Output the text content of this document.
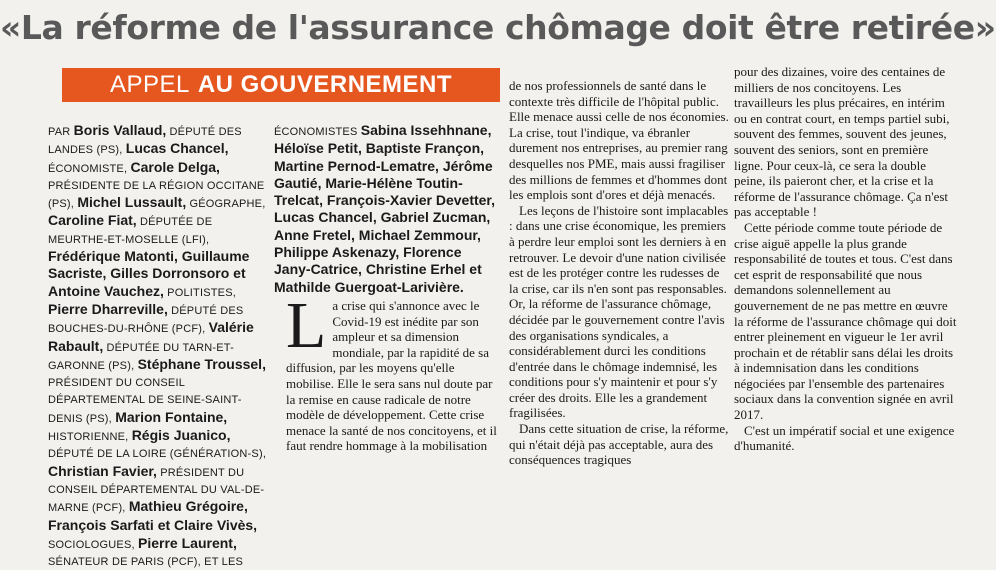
«La réforme de l'assurance chômage doit être retirée»
APPEL AU GOUVERNEMENT
PAR Boris Vallaud, DÉPUTÉ DES LANDES (PS), Lucas Chancel, ÉCONOMISTE, Carole Delga, PRÉSIDENTE DE LA RÉGION OCCITANE (PS), Michel Lussault, GÉOGRAPHE, Caroline Fiat, DÉPUTÉE DE MEURTHE-ET-MOSELLE (LFI), Frédérique Matonti, Guillaume Sacriste, Gilles Dorronsoro et Antoine Vauchez, POLITISTES, Pierre Dharreville, DÉPUTÉ DES BOUCHES-DU-RHÔNE (PCF), Valérie Rabault, DÉPUTÉE DU TARN-ET-GARONNE (PS), Stéphane Troussel, PRÉSIDENT DU CONSEIL DÉPARTEMENTAL DE SEINE-SAINT-DENIS (PS), Marion Fontaine, HISTORIENNE, Régis Juanico, DÉPUTÉ DE LA LOIRE (GÉNÉRATION-S), Christian Favier, PRÉSIDENT DU CONSEIL DÉPARTEMENTAL DU VAL-DE-MARNE (PCF), Mathieu Grégoire, François Sarfati et Claire Vivès, SOCIOLOGUES, Pierre Laurent, SÉNATEUR DE PARIS (PCF), ET LES
ÉCONOMISTES Sabina Issehhnane, Héloïse Petit, Baptiste Françon, Martine Pernod-Lematre, Jérôme Gautié, Marie-Hélène Toutin-Trelcat, François-Xavier Devetter, Lucas Chancel, Gabriel Zucman, Anne Fretel, Michael Zemmour, Philippe Askenazy, Florence Jany-Catrice, Christine Erhel et Mathilde Guergoat-Larivière.
L a crise qui s'annonce avec le Covid-19 est inédite par son ampleur et sa dimension mondiale, par la rapidité de sa diffusion, par les moyens qu'elle mobilise. Elle le sera sans nul doute par la remise en cause radicale de notre modèle de développement. Cette crise menace la santé de nos concitoyens, et il faut rendre hommage à la mobilisation

de nos professionnels de santé dans le contexte très difficile de l'hôpital public. Elle menace aussi celle de nos économies. La crise, tout l'indique, va ébranler durement nos entreprises, au premier rang desquelles nos PME, mais aussi fragiliser des millions de femmes et d'hommes dont les emplois sont d'ores et déjà menacés.

Les leçons de l'histoire sont implacables : dans une crise économique, les premiers à perdre leur emploi sont les derniers à en retrouver. Le devoir d'une nation civilisée est de les protéger contre les rudesses de la crise, car ils n'en sont pas responsables. Or, la réforme de l'assurance chômage, décidée par le gouvernement contre l'avis des organisations syndicales, a considérablement durci les conditions d'entrée dans le chômage indemnisé, les conditions pour s'y maintenir et pour s'y créer des droits. Elle les a grandement fragilisées.

Dans cette situation de crise, la réforme, qui n'était déjà pas acceptable, aura des conséquences tragiques

pour des dizaines, voire des centaines de milliers de nos concitoyens. Les travailleurs les plus précaires, en intérim ou en contrat court, en temps partiel subi, souvent des femmes, souvent des jeunes, souvent des seniors, sont en première ligne. Pour ceux-là, ce sera la double peine, ils paieront cher, et la crise et la réforme de l'assurance chômage. Ça n'est pas acceptable !

Cette période comme toute période de crise aiguë appelle la plus grande responsabilité de toutes et tous. C'est dans cet esprit de responsabilité que nous demandons solennellement au gouvernement de ne pas mettre en œuvre la réforme de l'assurance chômage qui doit entrer pleinement en vigueur le 1er avril prochain et de rétablir sans délai les droits à indemnisation dans les conditions négociées par l'ensemble des partenaires sociaux dans la convention signée en avril 2017.

C'est un impératif social et une exigence d'humanité.
